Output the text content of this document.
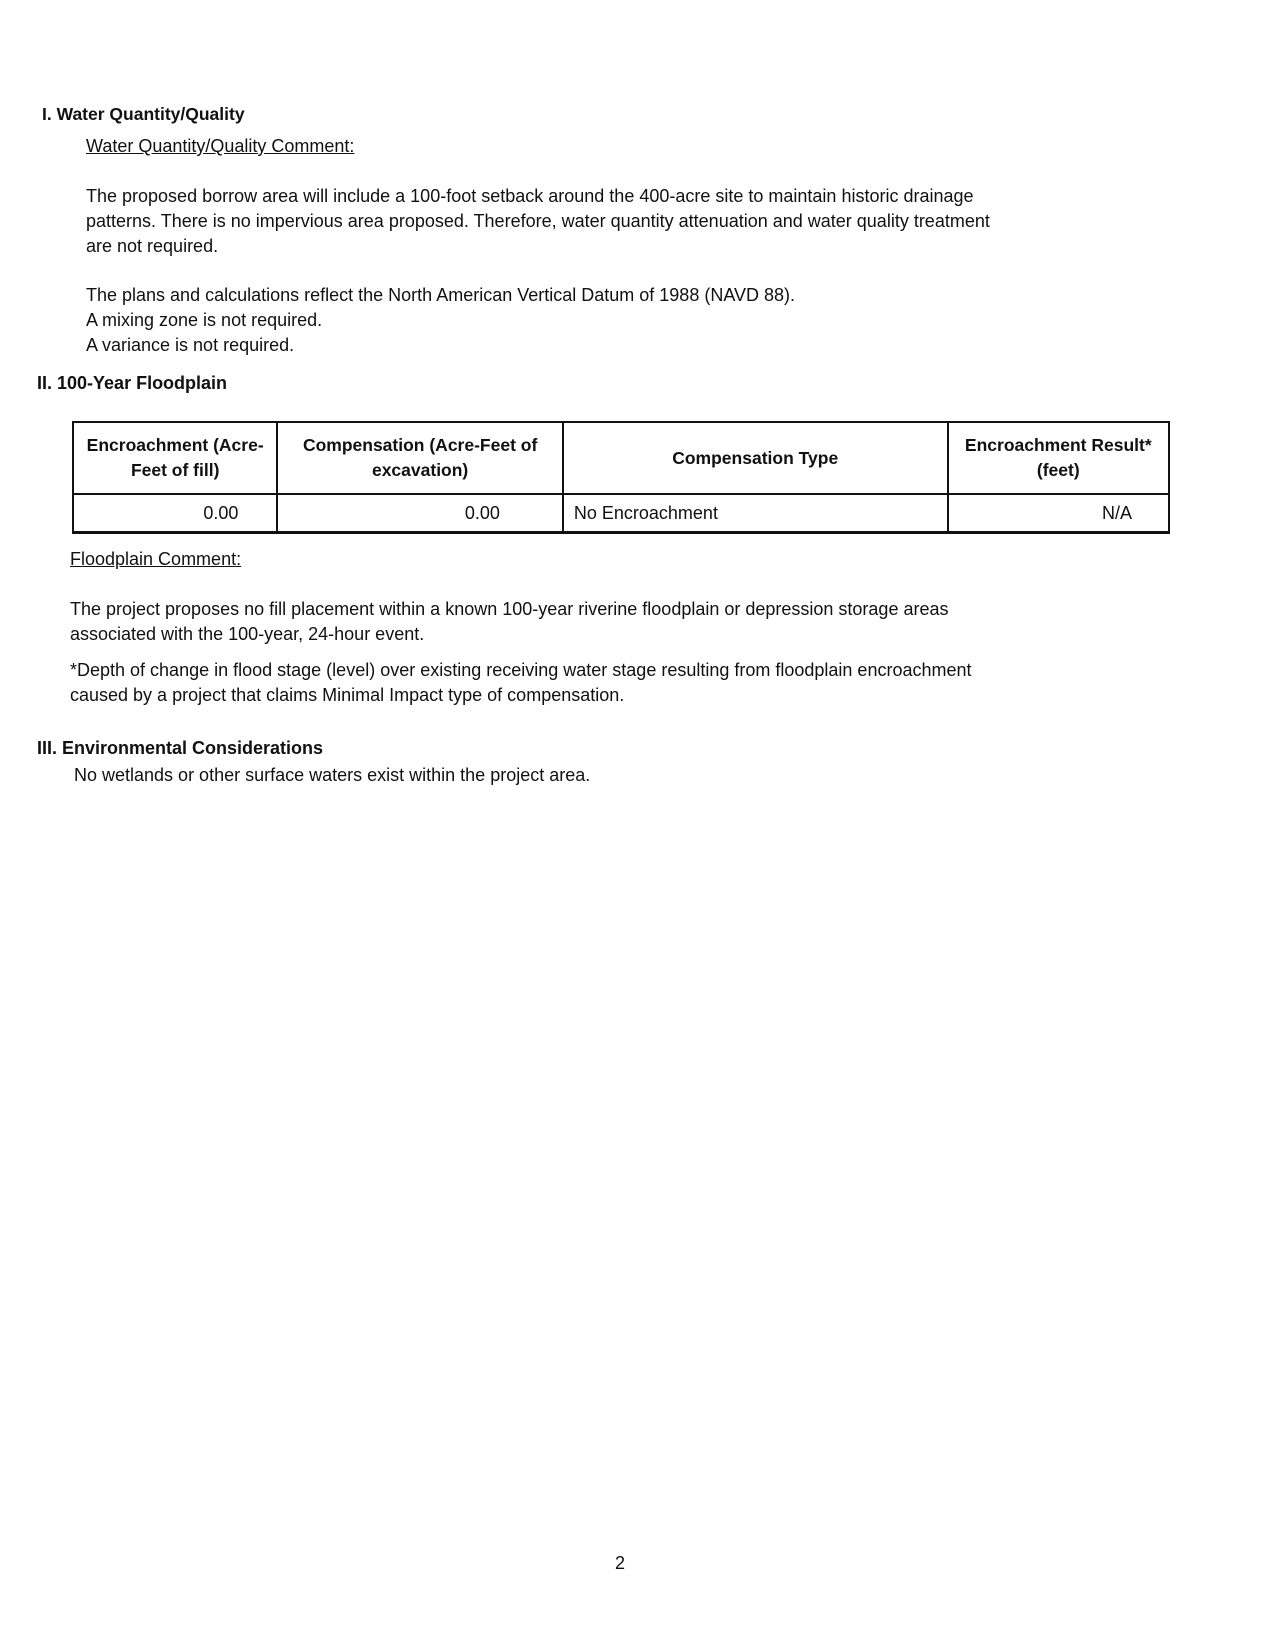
I. Water Quantity/Quality
Water Quantity/Quality Comment:

The proposed borrow area will include a 100-foot setback around the 400-acre site to maintain historic drainage patterns. There is no impervious area proposed. Therefore, water quantity attenuation and water quality treatment are not required.

The plans and calculations reflect the North American Vertical Datum of 1988 (NAVD 88).

A mixing zone is not required.

A variance is not required.

II. 100-Year Floodplain
Encroachment (Acre-Feet of fill)	Compensation (Acre-Feet of excavation)	Compensation Type	Encroachment Result* (feet)
0.00	0.00	No Encroachment	N/A
Floodplain Comment:

The project proposes no fill placement within a known 100-year riverine floodplain or depression storage areas associated with the 100-year, 24-hour event.

*Depth of change in flood stage (level) over existing receiving water stage resulting from floodplain encroachment caused by a project that claims Minimal Impact type of compensation.

III. Environmental Considerations

No wetlands or other surface waters exist within the project area.

2
